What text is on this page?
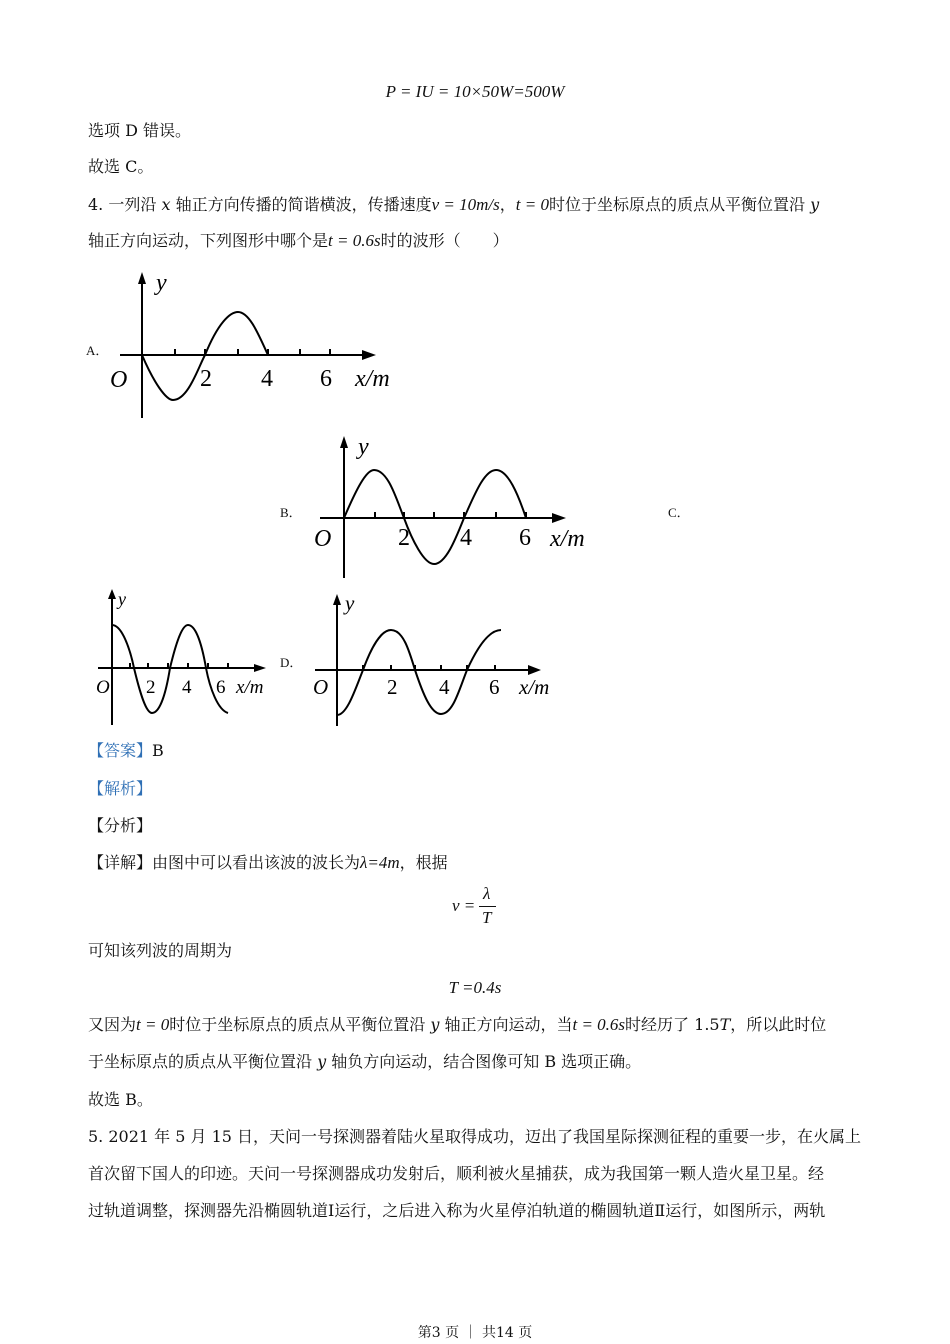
P = IU = 10×50W=500W
选项 D 错误。
故选 C。
4. 一列沿 x 轴正方向传播的简谐横波，传播速度v = 10m/s，t = 0时位于坐标原点的质点从平衡位置沿 y
轴正方向运动，下列图形中哪个是t = 0.6s时的波形（　　）
A．
y
O	2 4 6 x/m
B．
y
O	2 4 6 x/m
C．
y
O 2 4 6 x/m
D．
y
O	2 4 6 x/m
【答案】B
【解析】
【分析】
【详解】由图中可以看出该波的波长为λ=4m，根据
v =
λ
T
可知该列波的周期为
T =0.4s
又因为t = 0时位于坐标原点的质点从平衡位置沿 y 轴正方向运动，当t = 0.6s时经历了 1.5T，所以此时位
于坐标原点的质点从平衡位置沿 y 轴负方向运动，结合图像可知 B 选项正确。
故选 B。
5. 2021 年 5 月 15 日，天问一号探测器着陆火星取得成功，迈出了我国星际探测征程的重要一步，在火属上
首次留下国人的印迹。天问一号探测器成功发射后，顺利被火星捕获，成为我国第一颗人造火星卫星。经
过轨道调整，探测器先沿椭圆轨道Ⅰ运行，之后进入称为火星停泊轨道的椭圆轨道Ⅱ运行，如图所示，两轨
第3 页 ｜ 共14 页
